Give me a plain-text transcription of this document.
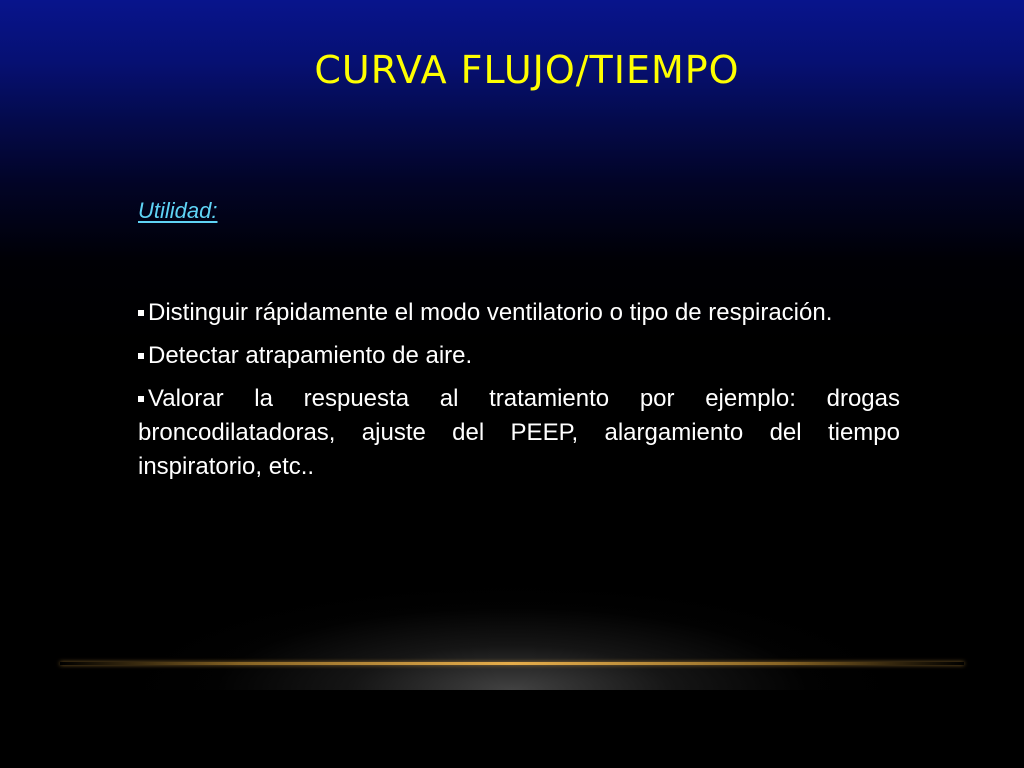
CURVA FLUJO/TIEMPO

Utilidad:

Distinguir rápidamente el modo ventilatorio o tipo de respiración.
Detectar atrapamiento de aire.
Valorar la respuesta al tratamiento por ejemplo: drogas broncodilatadoras, ajuste del PEEP, alargamiento del tiempo inspiratorio, etc..
